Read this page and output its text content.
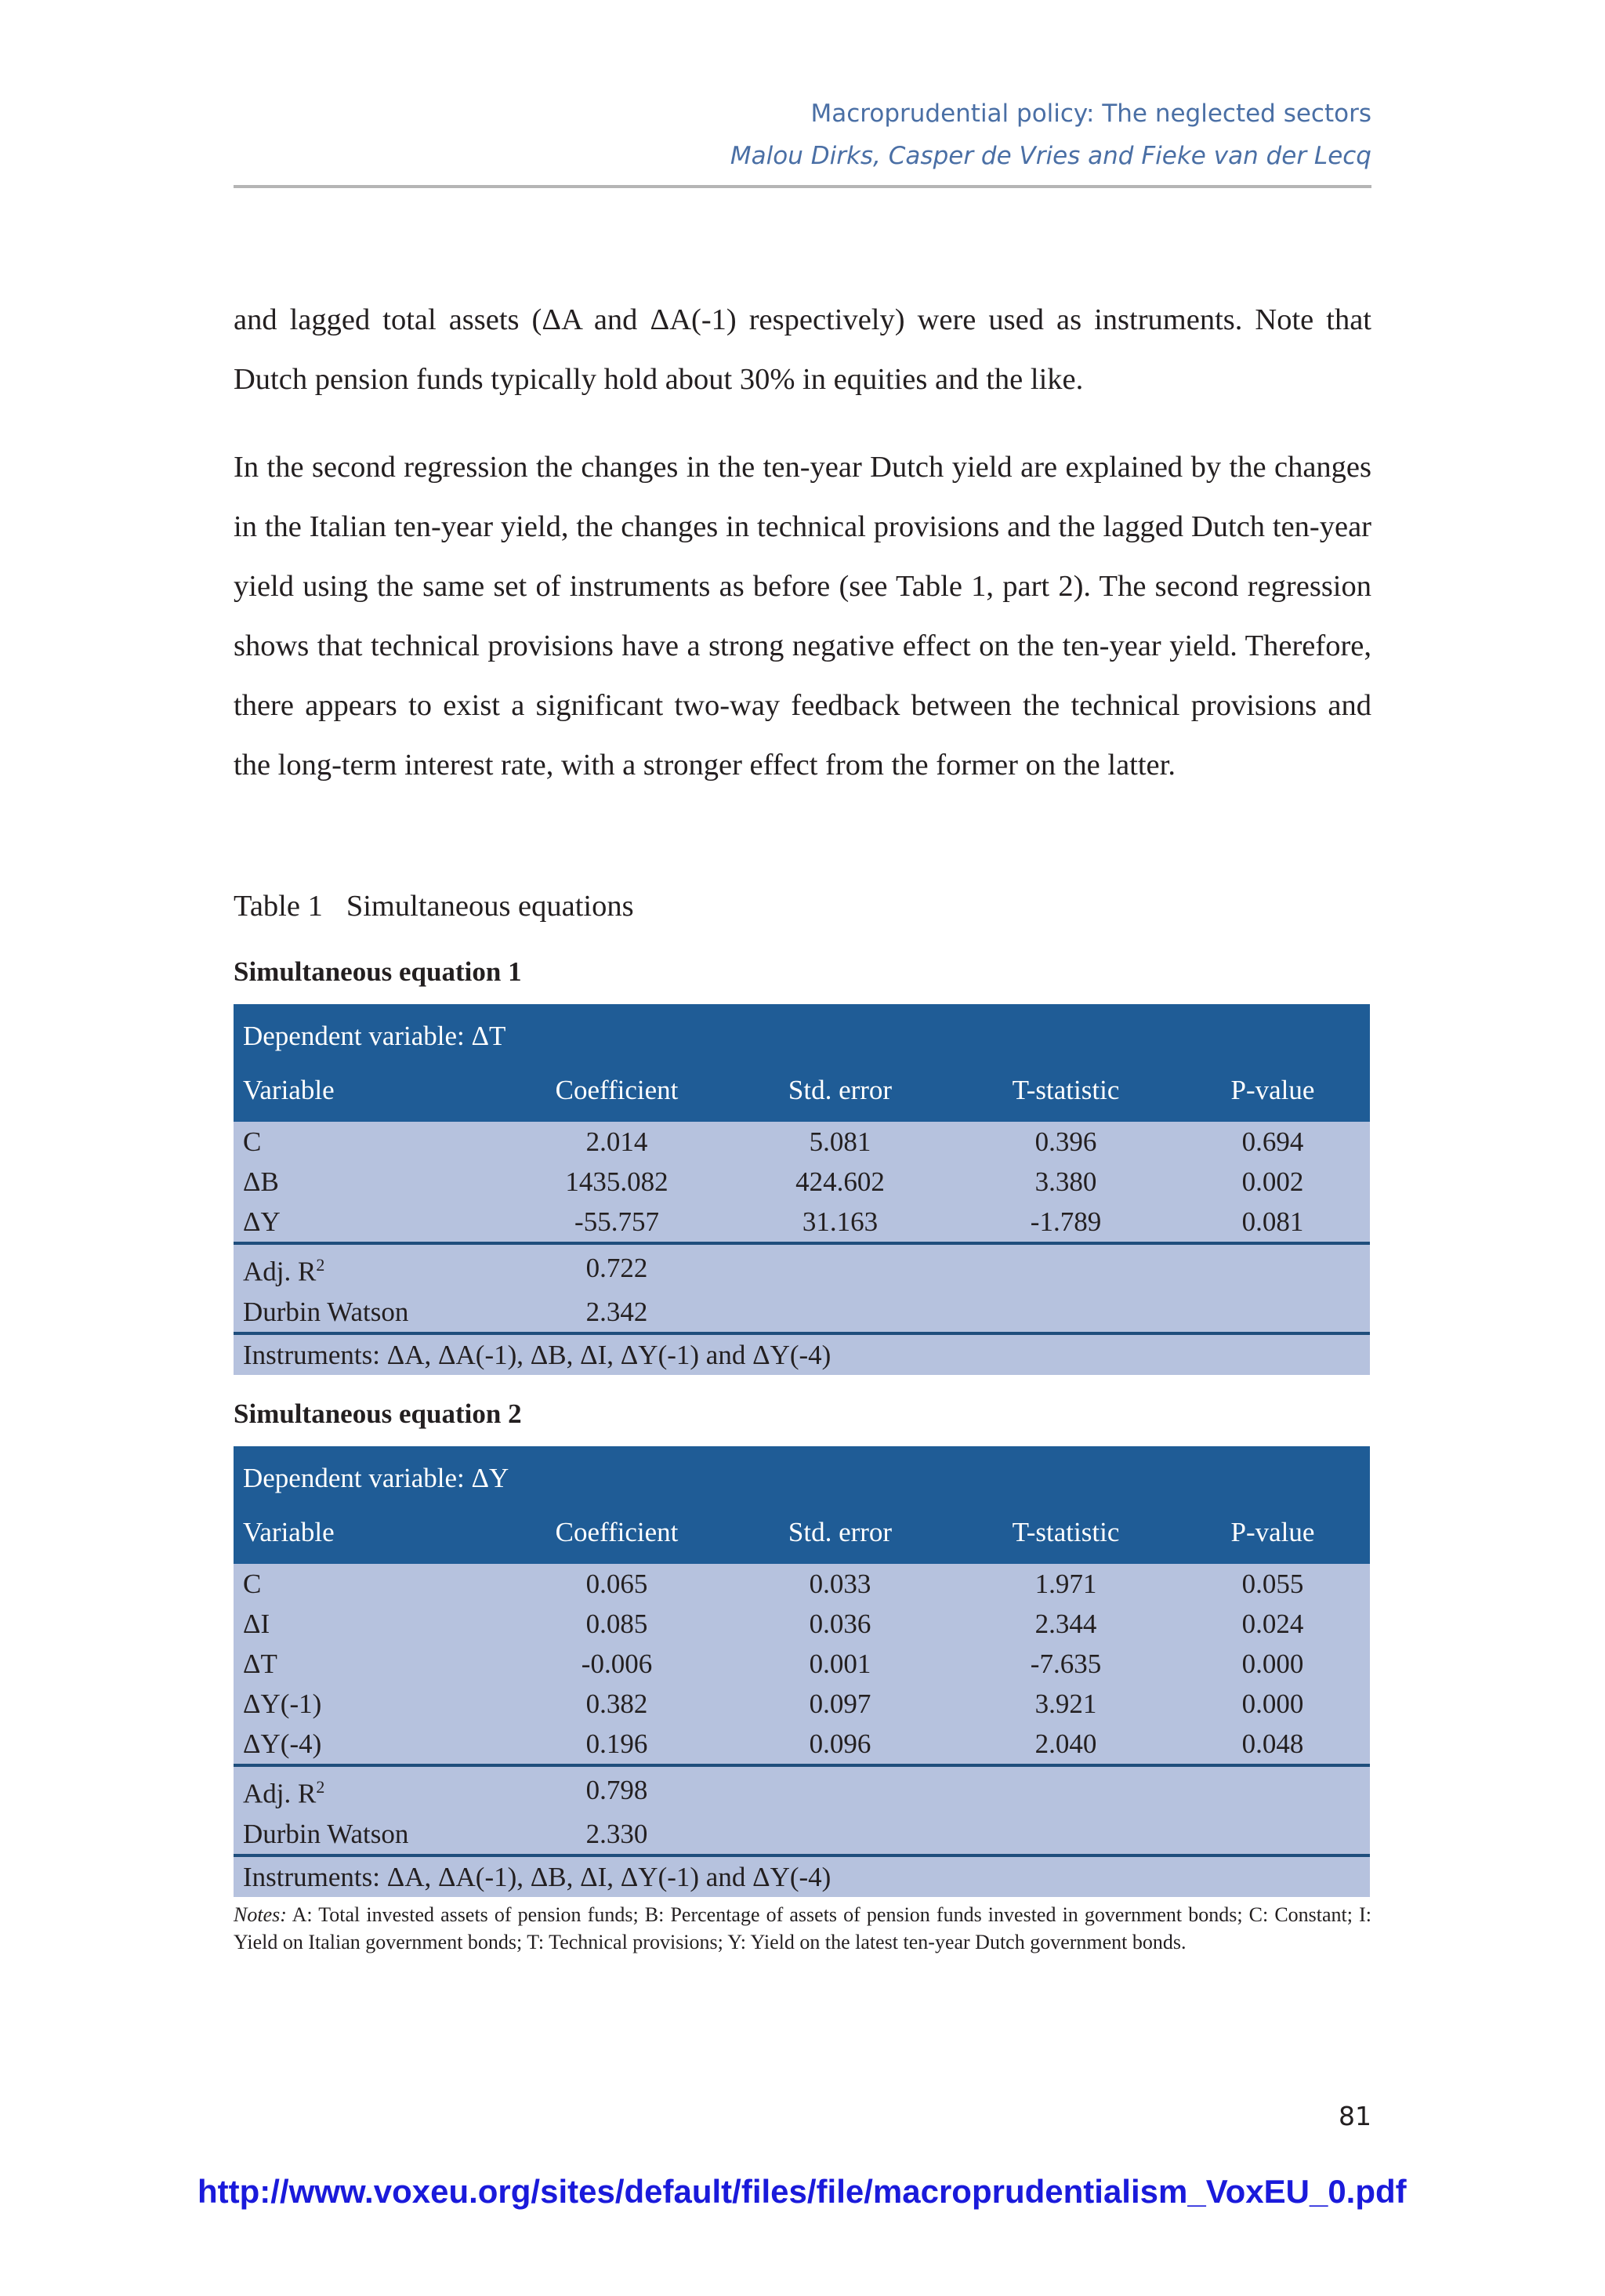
Macroprudential policy: The neglected sectors
Malou Dirks, Casper de Vries and Fieke van der Lecq

and lagged total assets (ΔA and ΔA(-1) respectively) were used as instruments. Note that Dutch pension funds typically hold about 30% in equities and the like.

In the second regression the changes in the ten-year Dutch yield are explained by the changes in the Italian ten-year yield, the changes in technical provisions and the lagged Dutch ten-year yield using the same set of instruments as before (see Table 1, part 2). The second regression shows that technical provisions have a strong negative effect on the ten-year yield. Therefore, there appears to exist a significant two-way feedback between the technical provisions and the long-term interest rate, with a stronger effect from the former on the latter.

Table 1 Simultaneous equations
Simultaneous equation 1
Dependent variable: ΔT				
Variable	Coefficient	Std. error	T-statistic	P-value
C	2.014	5.081	0.396	0.694
ΔB	1435.082	424.602	3.380	0.002
ΔY	-55.757	31.163	-1.789	0.081
Adj. $R^2$	0.722			
Durbin Watson	2.342			
Instruments: ΔA, ΔA(-1), ΔB, ΔI, ΔY(-1) and ΔY(-4)				
Simultaneous equation 2
Dependent variable: ΔY				
Variable	Coefficient	Std. error	T-statistic	P-value
C	0.065	0.033	1.971	0.055
ΔI	0.085	0.036	2.344	0.024
ΔT	-0.006	0.001	-7.635	0.000
ΔY(-1)	0.382	0.097	3.921	0.000
ΔY(-4)	0.196	0.096	2.040	0.048
Adj. $R^2$	0.798			
Durbin Watson	2.330			
Instruments: ΔA, ΔA(-1), ΔB, ΔI, ΔY(-1) and ΔY(-4)				
Notes: A: Total invested assets of pension funds; B: Percentage of assets of pension funds invested in government bonds; C: Constant; I: Yield on Italian government bonds; T: Technical provisions; Y: Yield on the latest ten-year Dutch government bonds.
81
http://www.voxeu.org/sites/default/files/file/macroprudentialism_VoxEU_0.pdf
